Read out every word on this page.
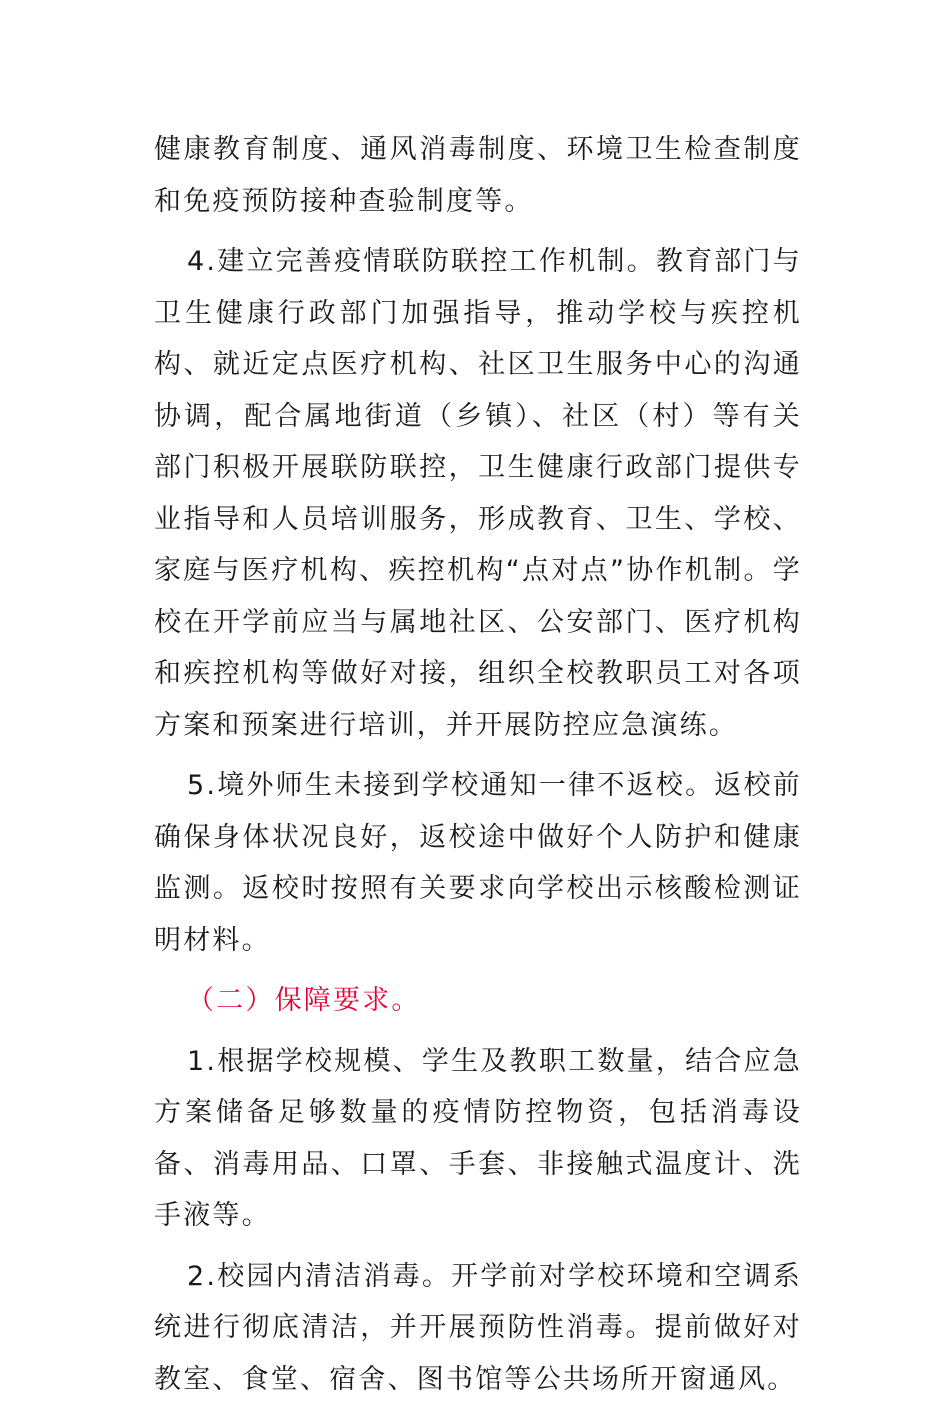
健康教育制度、通风消毒制度、环境卫生检查制度和免疫预防接种查验制度等。

4.建立完善疫情联防联控工作机制。教育部门与卫生健康行政部门加强指导，推动学校与疾控机构、就近定点医疗机构、社区卫生服务中心的沟通协调，配合属地街道（乡镇）、社区（村）等有关部门积极开展联防联控，卫生健康行政部门提供专业指导和人员培训服务，形成教育、卫生、学校、家庭与医疗机构、疾控机构“点对点”协作机制。学校在开学前应当与属地社区、公安部门、医疗机构和疾控机构等做好对接，组织全校教职员工对各项方案和预案进行培训，并开展防控应急演练。

5.境外师生未接到学校通知一律不返校。返校前确保身体状况良好，返校途中做好个人防护和健康监测。返校时按照有关要求向学校出示核酸检测证明材料。

（二）保障要求。

1.根据学校规模、学生及教职工数量，结合应急方案储备足够数量的疫情防控物资，包括消毒设备、消毒用品、口罩、手套、非接触式温度计、洗手液等。

2.校园内清洁消毒。开学前对学校环境和空调系统进行彻底清洁，并开展预防性消毒。提前做好对教室、食堂、宿舍、图书馆等公共场所开窗通风。
